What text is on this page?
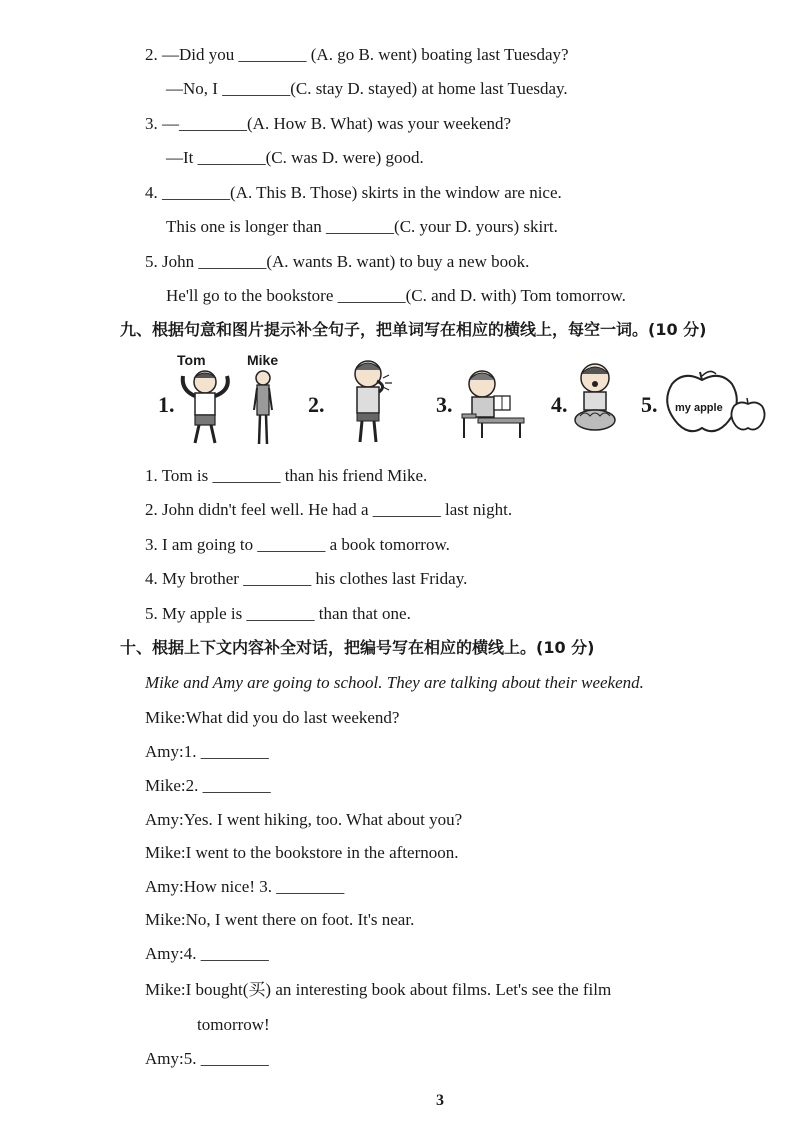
2. —Did you ________ (A. go B. went) boating last Tuesday?
—No, I ________(C. stay D. stayed) at home last Tuesday.
3. —________(A. How B. What) was your weekend?
—It ________(C. was D. were) good.
4. ________(A. This B. Those) skirts in the window are nice.
This one is longer than ________(C. your D. yours) skirt.
5. John ________(A. wants B. want) to buy a new book.
He'll go to the bookstore ________(C. and D. with) Tom tomorrow.
九、根据句意和图片提示补全句子，把单词写在相应的横线上，每空一词。(10 分)
1.
Tom	Mike
2.	3.	4.	5. my apple
1. Tom is ________ than his friend Mike.
2. John didn't feel well. He had a ________ last night.
3. I am going to ________ a book tomorrow.
4. My brother ________ his clothes last Friday.
5. My apple is ________ than that one.
十、根据上下文内容补全对话，把编号写在相应的横线上。(10 分)
Mike and Amy are going to school. They are talking about their weekend.
Mike:What did you do last weekend?
Amy:1. ________
Mike:2. ________
Amy:Yes. I went hiking, too. What about you?
Mike:I went to the bookstore in the afternoon.
Amy:How nice! 3. ________
Mike:No, I went there on foot. It's near.
Amy:4. ________
Mike:I bought(买) an interesting book about films. Let's see the film
tomorrow!
Amy:5. ________
3
